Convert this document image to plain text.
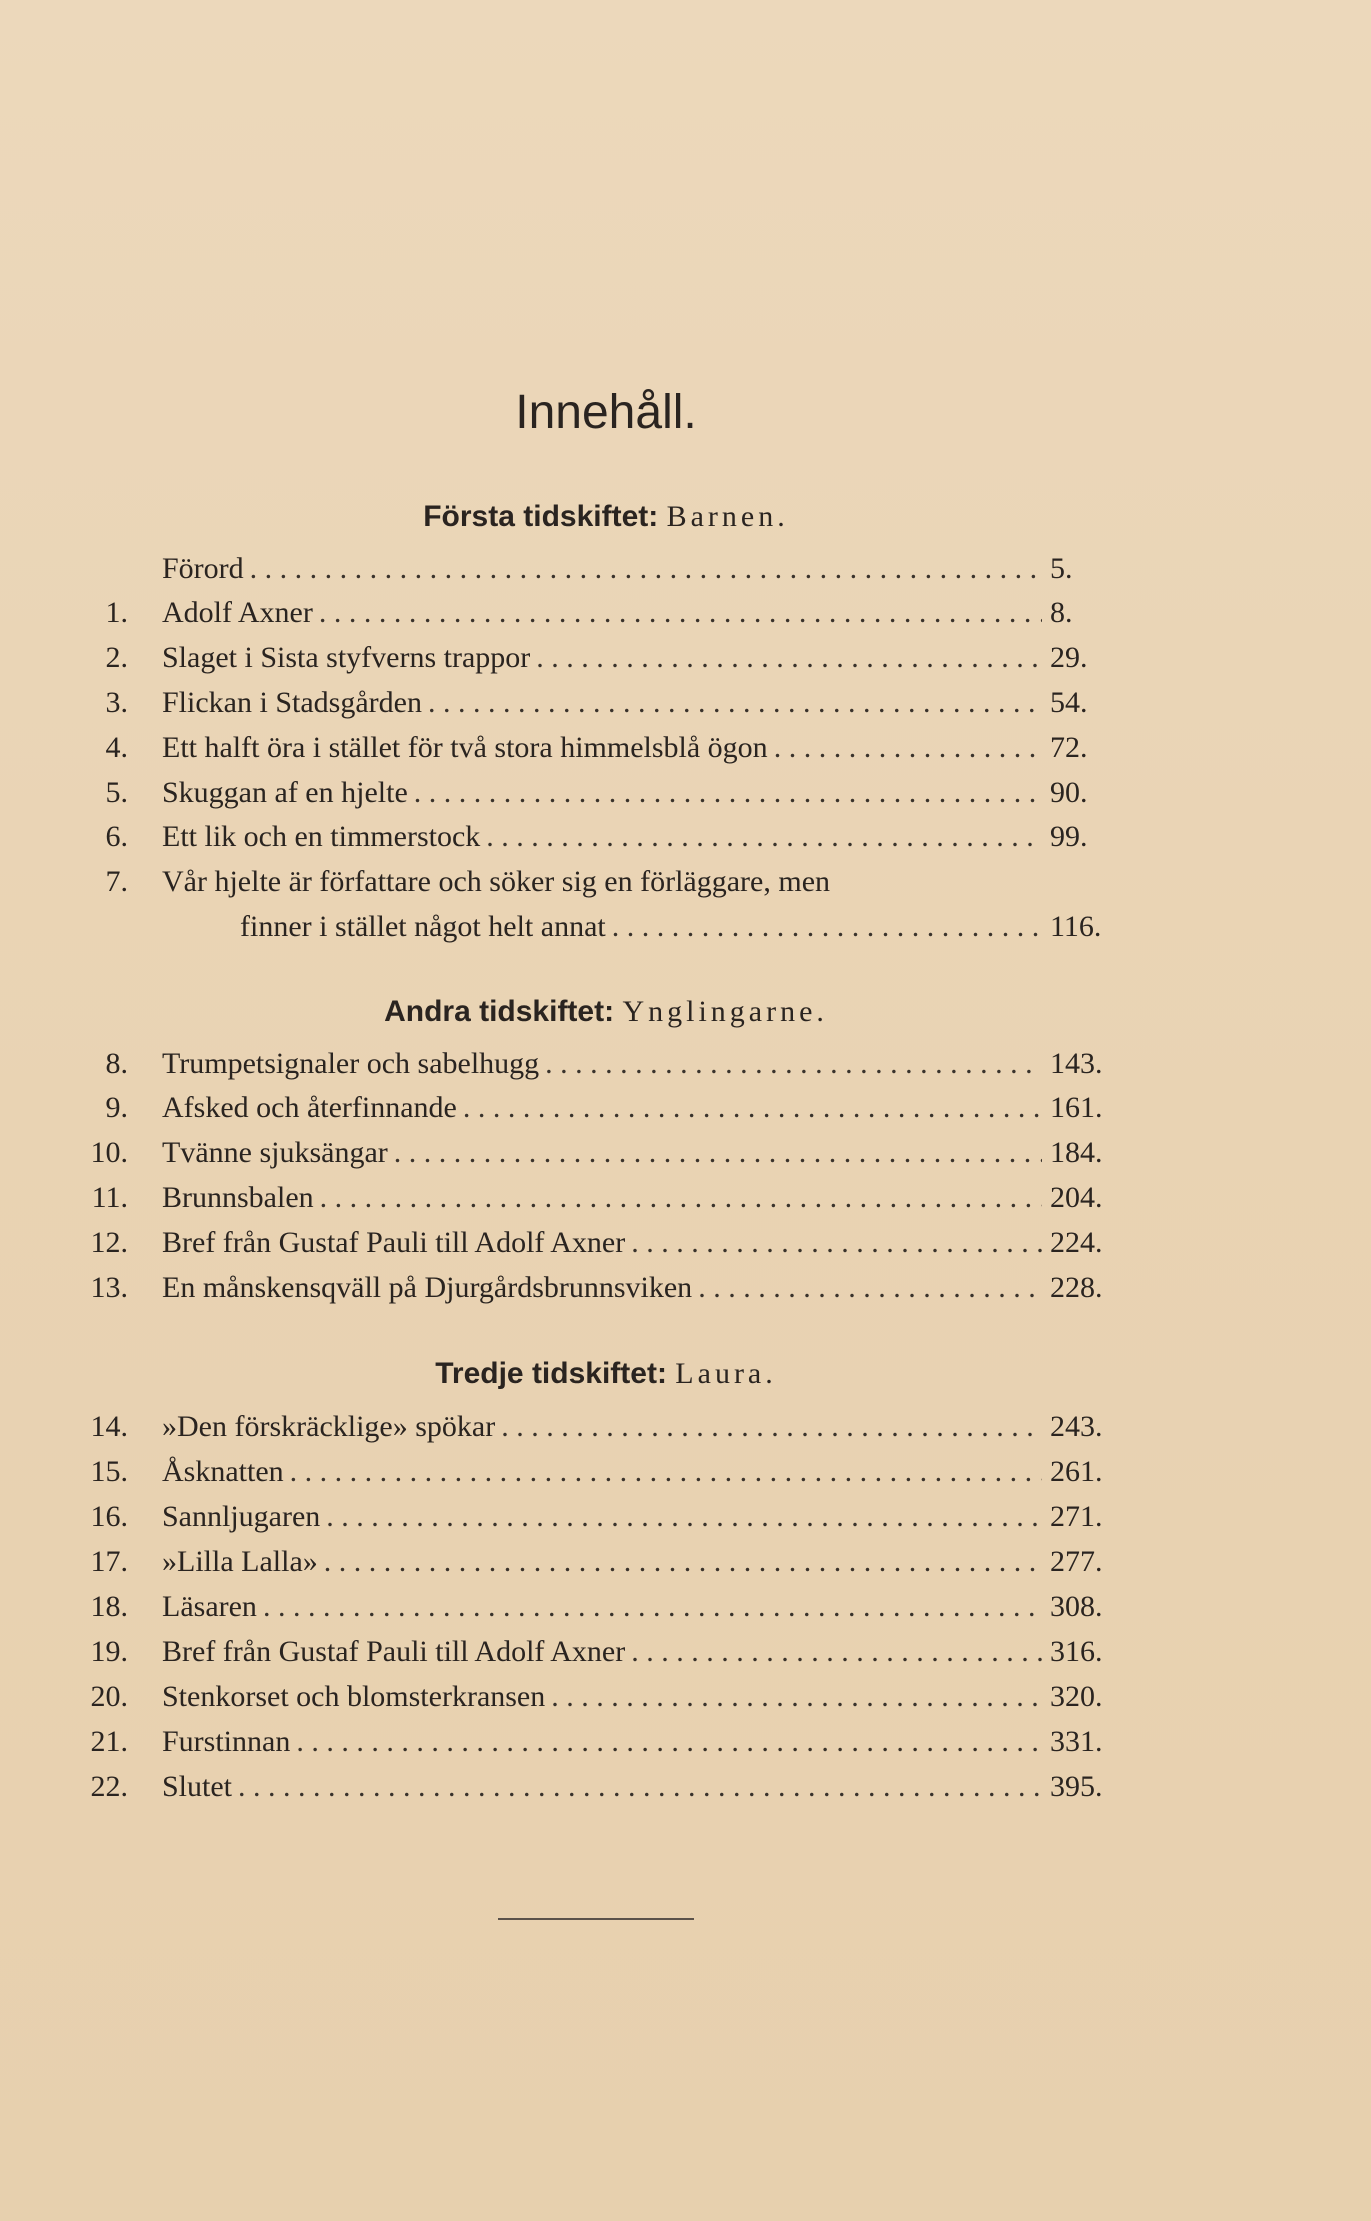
Innehåll.
Första tidskiftet: Barnen.
Förord . . .	5.
1. Adolf Axner . . .	8.
2. Slaget i Sista styfverns trappor . . .	29.
3. Flickan i Stadsgården . . .	54.
4. Ett halft öra i stället för två stora himmelsblå ögon . . .	72.
5. Skuggan af en hjelte . . .	90.
6. Ett lik och en timmerstock . . .	99.
7. Vår hjelte är författare och söker sig en förläggare, men
finner i stället något helt annat . . .	116.
Andra tidskiftet: Ynglingarne.
8. Trumpetsignaler och sabelhugg . . .	143.
9. Afsked och återfinnande . . .	161.
10. Tvänne sjuksängar . . .	184.
11. Brunnsbalen . . .	204.
12. Bref från Gustaf Pauli till Adolf Axner . . .	224.
13. En månskensqväll på Djurgårdsbrunnsviken . . .	228.
Tredje tidskiftet: Laura.
14. »Den förskräcklige» spökar . . .	243.
15. Åsknatten . . .	261.
16. Sannljugaren . . .	271.
17. »Lilla Lalla» . . .	277.
18. Läsaren . . .	308.
19. Bref från Gustaf Pauli till Adolf Axner . . .	316.
20. Stenkorset och blomsterkransen . . .	320.
21. Furstinnan . . .	331.
22. Slutet . . .	395.
